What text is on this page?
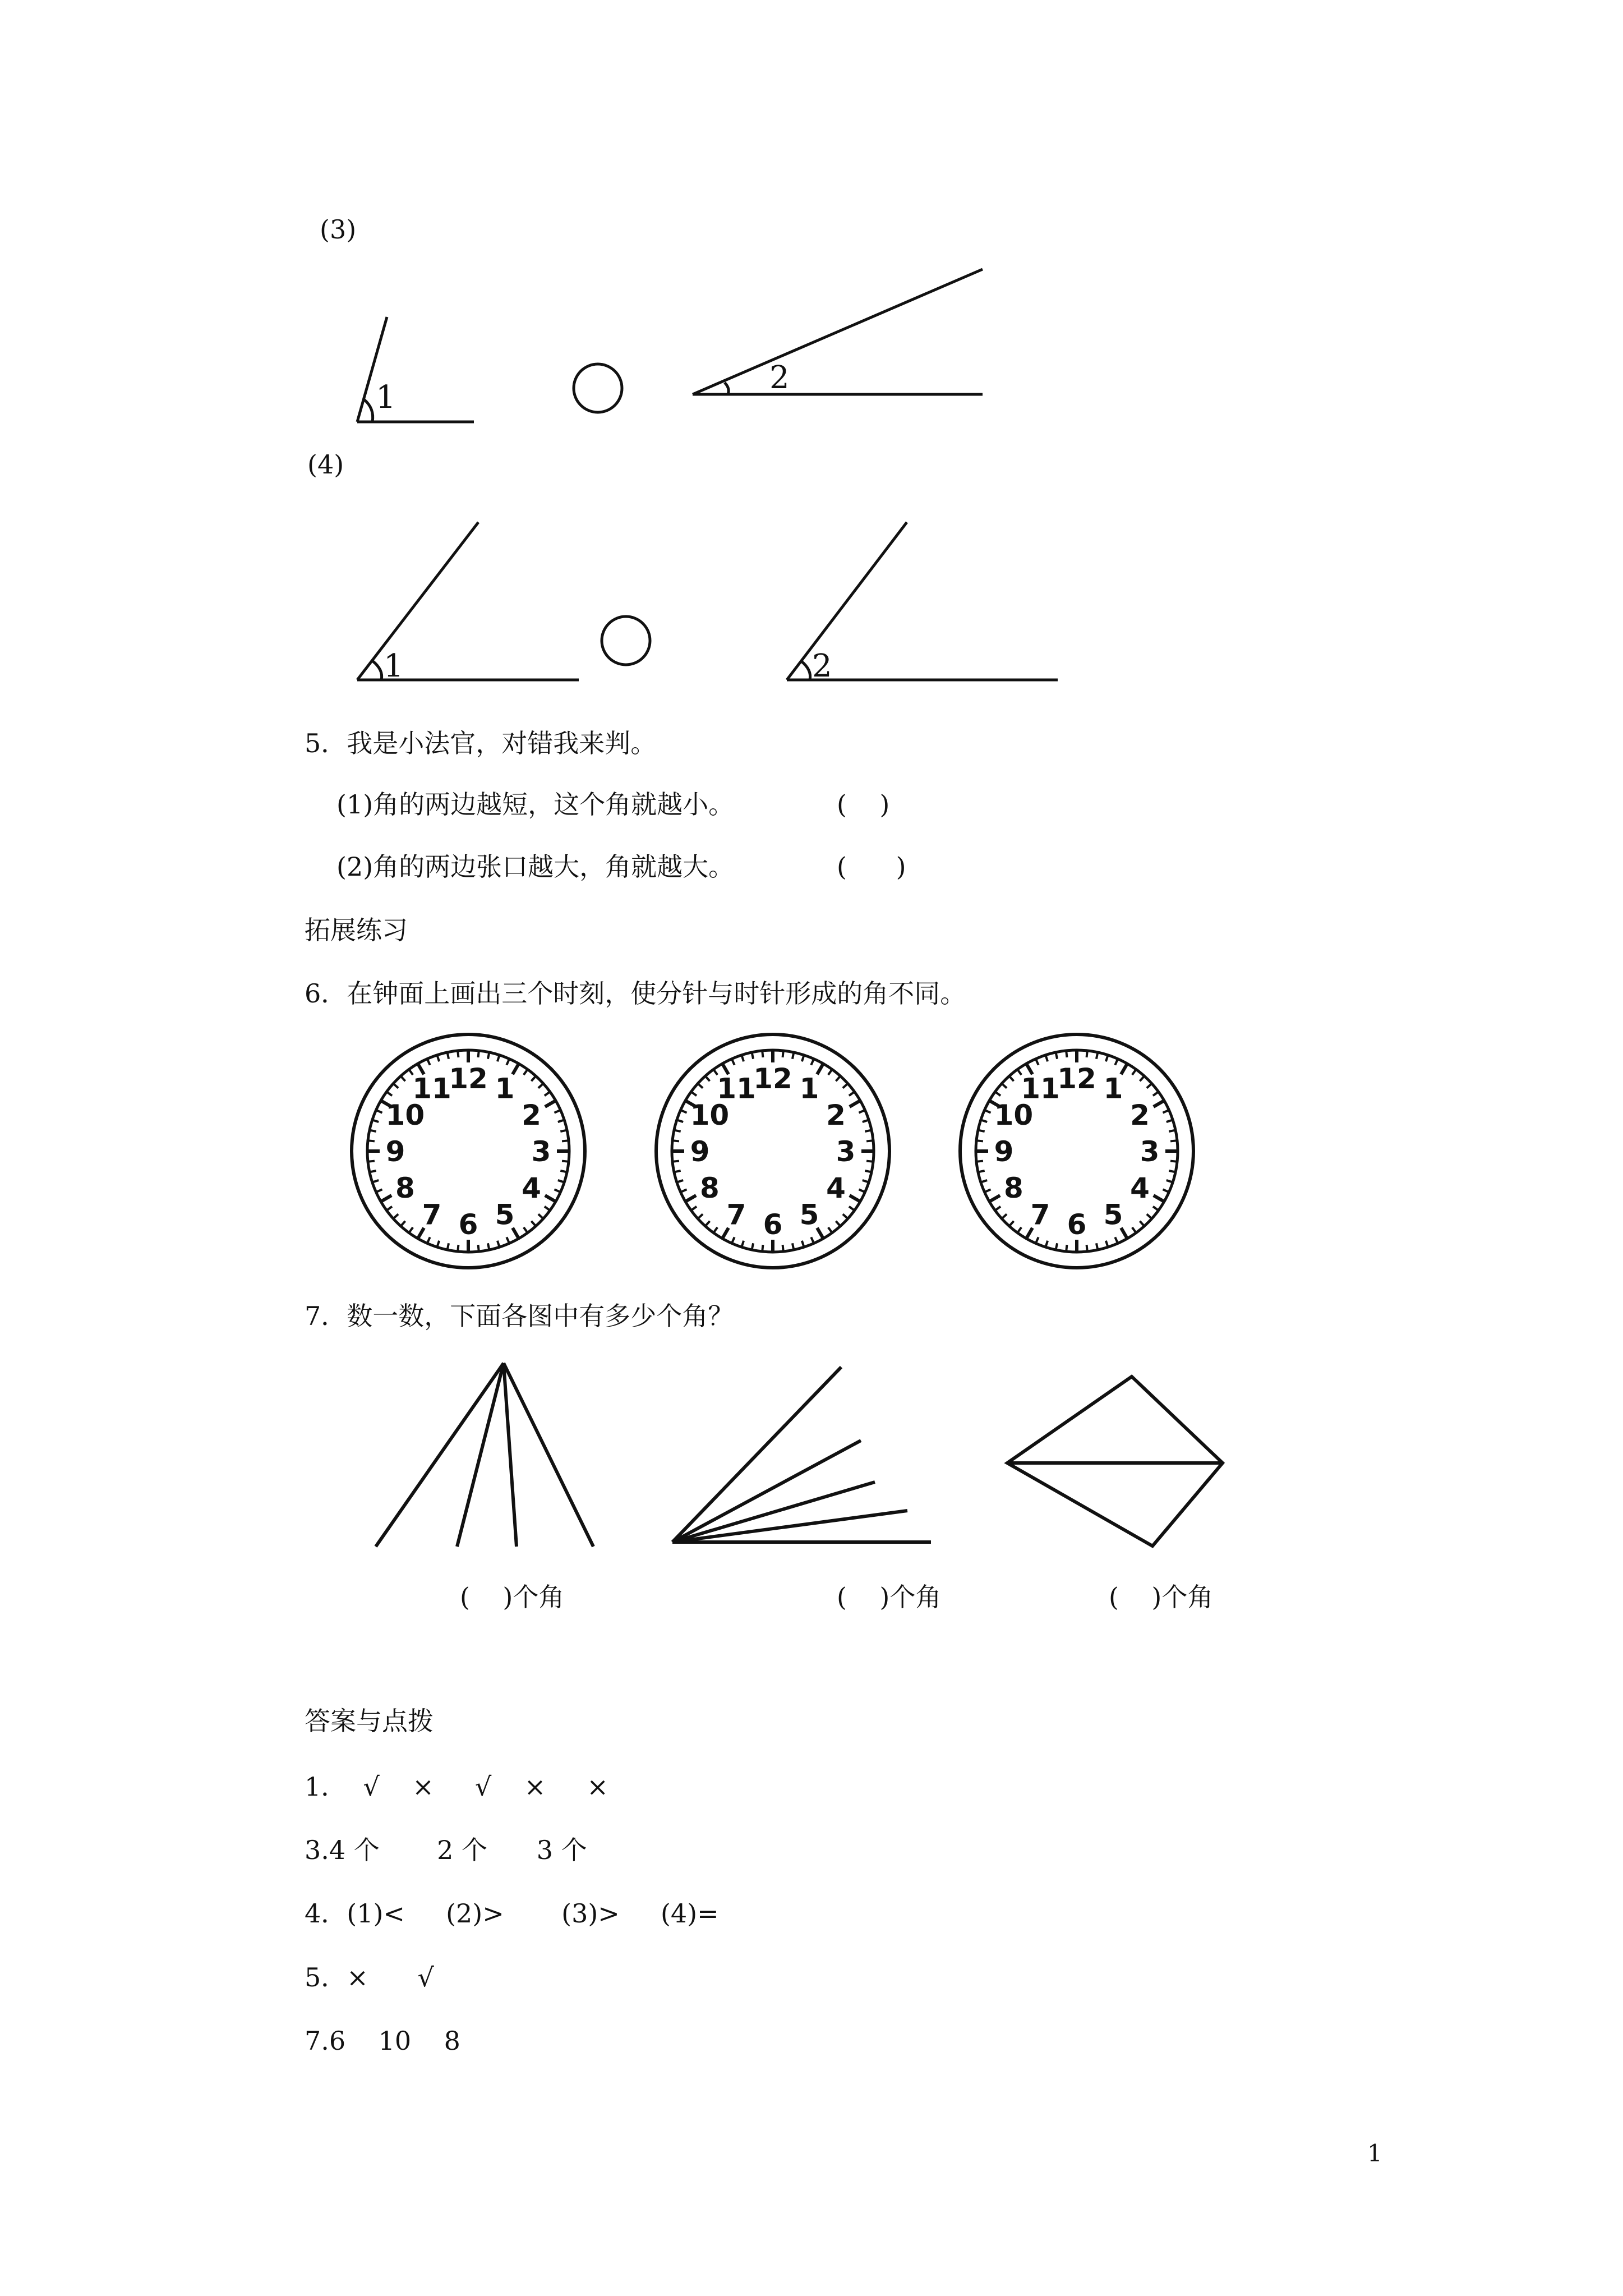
(3)
1
2
(4)
1	2
5．我是小法官，对错我来判。
(1)角的两边越短，这个角就越小。	(    )
(2)角的两边张口越大，角就越大。	(      )
拓展练习
6．在钟面上画出三个时刻，使分针与时针形成的角不同。
12 1
2
3
4
5
6
7
8
9
10
11	12 1
2
3
4
5
6
7
8
9
10
11	12 1
2
3
4
5
6
7
8
9
10
11
7．数一数，下面各图中有多少个角？
(    )个角	(    )个角	(    )个角
答案与点拨
1．  √    ×     √    ×     ×
3.4 个       2 个      3 个
4．(1)<     (2)>       (3)>     (4)=
5．×      √
7.6    10    8
1
